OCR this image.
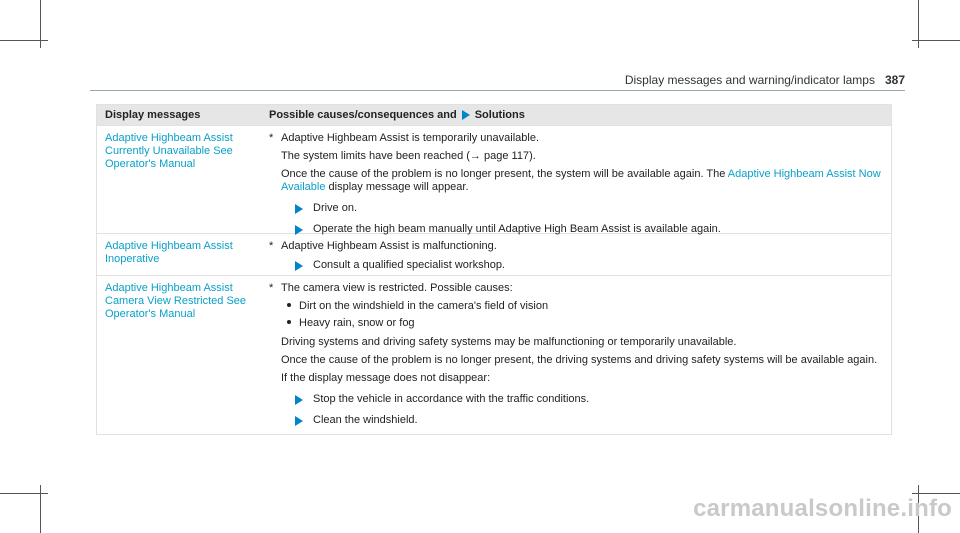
Display messages and warning/indicator lamps 387
Display messages	Possible causes/consequences and Solutions
Adaptive Highbeam Assist Currently Unavailable See Operator's Manual
* Adaptive Highbeam Assist is temporarily unavailable.
The system limits have been reached (→ page 117).
Once the cause of the problem is no longer present, the system will be available again. The Adaptive Highbeam Assist Now Available display message will appear.
Drive on.
Operate the high beam manually until Adaptive High Beam Assist is available again.
Adaptive Highbeam Assist Inoperative
* Adaptive Highbeam Assist is malfunctioning.
Consult a qualified specialist workshop.
Adaptive Highbeam Assist Camera View Restricted See Operator's Manual
* The camera view is restricted. Possible causes:
Dirt on the windshield in the camera's field of vision
Heavy rain, snow or fog
Driving systems and driving safety systems may be malfunctioning or temporarily unavailable.
Once the cause of the problem is no longer present, the driving systems and driving safety systems will be available again.
If the display message does not disappear:
Stop the vehicle in accordance with the traffic conditions.
Clean the windshield.
carmanualsonline.info
